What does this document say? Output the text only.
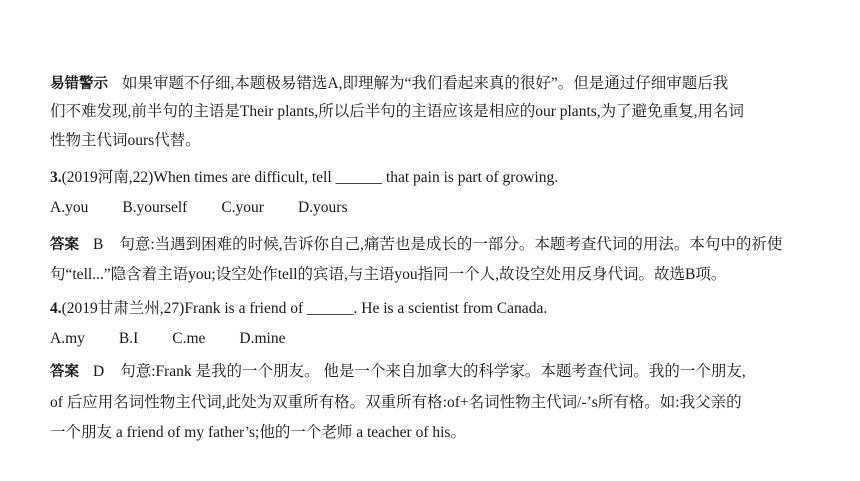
易错警示 如果审题不仔细,本题极易错选A,即理解为“我们看起来真的很好”。但是通过仔细审题后我
们不难发现,前半句的主语是Their plants,所以后半句的主语应该是相应的our plants,为了避免重复,用名词
性物主代词ours代替。
3.(2019河南,22)When times are difficult, tell ______ that pain is part of growing.
A.you B.yourself C.your D.yours
答案 B 句意:当遇到困难的时候,告诉你自己,痛苦也是成长的一部分。本题考查代词的用法。本句中的祈使
句“tell...”隐含着主语you;设空处作tell的宾语,与主语you指同一个人,故设空处用反身代词。故选B项。
4.(2019甘肃兰州,27)Frank is a friend of ______. He is a scientist from Canada.
A.my B.I C.me D.mine
答案 D 句意:Frank 是我的一个朋友。 他是一个来自加拿大的科学家。本题考查代词。我的一个朋友,
of 后应用名词性物主代词,此处为双重所有格。双重所有格:of+名词性物主代词/-’s所有格。如:我父亲的
一个朋友 a friend of my father’s;他的一个老师 a teacher of his。
